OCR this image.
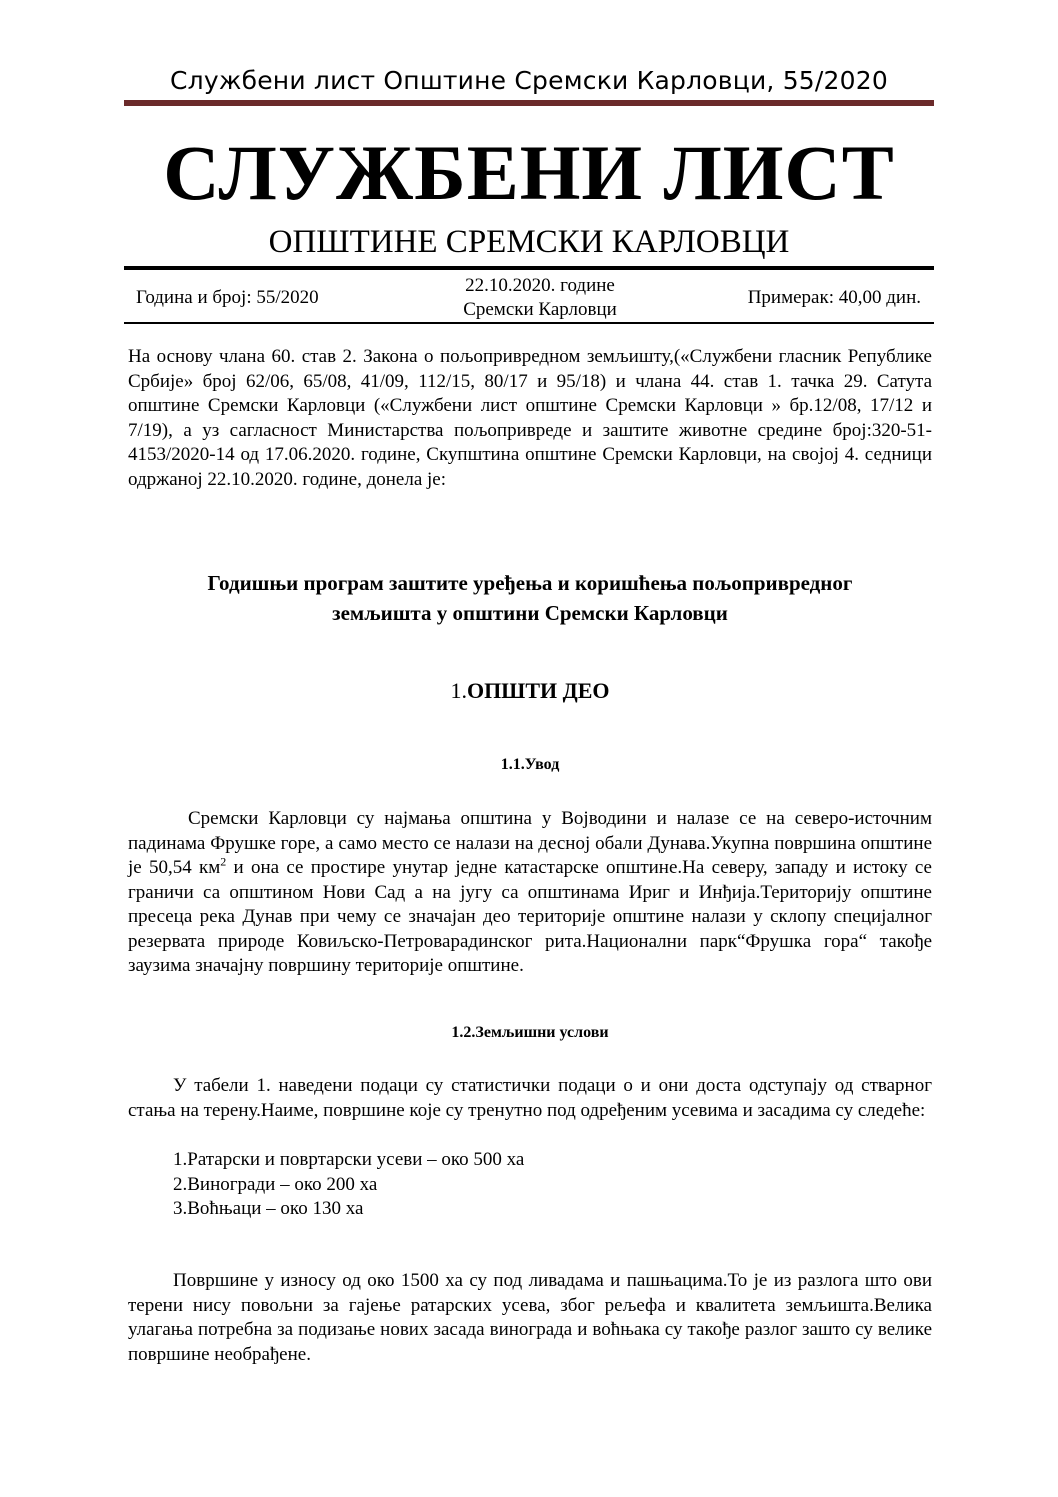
Службени лист Општине Сремски Карловци, 55/2020
СЛУЖБЕНИ ЛИСТ
ОПШТИНЕ СРЕМСКИ КАРЛОВЦИ
Година и број: 55/2020
22.10.2020. године
Сремски Карловци
Примерак: 40,00 дин.
На основу члана 60. став 2. Закона о пољопривредном земљишту,(«Службени гласник Републике Србије» број 62/06, 65/08, 41/09, 112/15, 80/17 и 95/18) и члана 44. став 1. тачка 29. Сатута општине Сремски Карловци («Службени лист општине Сремски Карловци » бр.12/08, 17/12 и 7/19), а уз сагласност Министарства пољопривреде и заштите животне средине број:320-51-4153/2020-14 од 17.06.2020. године, Скупштина општине Сремски Карловци, на својој 4. седници одржаној 22.10.2020. године, донела је:
Годишњи програм заштите уређења и коришћења пољопривредног
земљишта у општини Сремски Карловци
1.ОПШТИ ДЕО
1.1.Увод
Сремски Карловци су најмања општина у Војводини и налазе се на северо-источним падинама Фрушке горе, а само место се налази на десној обали Дунава.Укупна површина општине је 50,54 $км^2$ и она се простире унутар једне катастарске општине.На северу, западу и истоку се граничи са општином Нови Сад а на југу са општинама Ириг и Инђија.Територију општине пресеца река Дунав при чему се значајан део територије општине налази у склопу специјалног резервата природе Ковиљско-Петроварадинског рита.Национални парк“Фрушка гора“ такође заузима значајну површину територије општине.
1.2.Земљишни услови
У табели 1. наведени подаци су статистички подаци о и они доста одступају од стварног стања на терену.Наиме, површине које су тренутно под одређеним усевима и засадима су следеће:
1.Ратарски и повртарски усеви – око 500 ха
2.Виногради – око 200 ха
3.Воћњаци – око 130 ха
Површине у износу од око 1500 ха су под ливадама и пашњацима.То је из разлога што ови терени нису повољни за гајење ратарских усева, због рељефа и квалитета земљишта.Велика улагања потребна за подизање нових засада винограда и воћњака су такође разлог зашто су велике површине необрађене.
